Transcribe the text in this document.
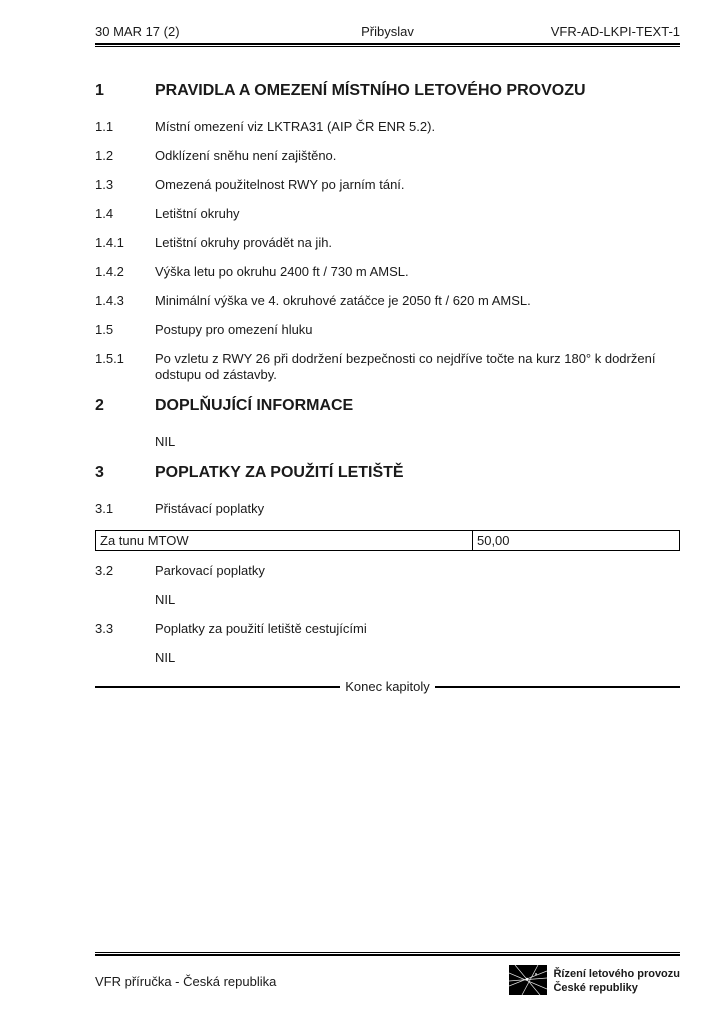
30 MAR 17 (2)	Přibyslav	VFR-AD-LKPI-TEXT-1
1	PRAVIDLA A OMEZENÍ MÍSTNÍHO LETOVÉHO PROVOZU
1.1	Místní omezení viz LKTRA31 (AIP ČR ENR 5.2).
1.2	Odklízení sněhu není zajištěno.
1.3	Omezená použitelnost RWY po jarním tání.
1.4	Letištní okruhy
1.4.1	Letištní okruhy provádět na jih.
1.4.2	Výška letu po okruhu 2400 ft / 730 m AMSL.
1.4.3	Minimální výška ve 4. okruhové zatáčce je 2050 ft / 620 m AMSL.
1.5	Postupy pro omezení hluku
1.5.1	Po vzletu z RWY 26 při dodržení bezpečnosti co nejdříve točte na kurz 180° k dodržení odstupu od zástavby.
2	DOPLŇUJÍCÍ INFORMACE
NIL
3	POPLATKY ZA POUŽITÍ LETIŠTĚ
3.1	Přistávací poplatky
Za tunu MTOW	50,00
3.2	Parkovací poplatky
NIL
3.3	Poplatky za použití letiště cestujícími
NIL
Konec kapitoly
VFR příručka - Česká republika	Řízení letového provozu
České republiky
